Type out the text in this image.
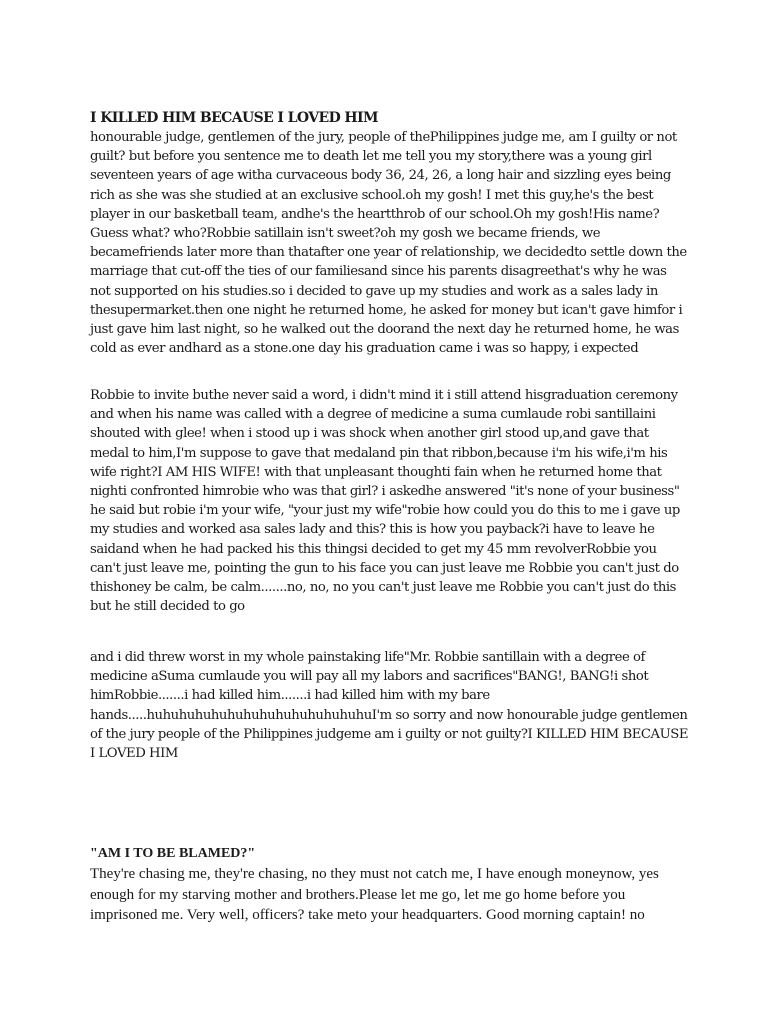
I KILLED HIM BECAUSE I LOVED HIM

honourable judge, gentlemen of the jury, people of thePhilippines judge me, am I guilty or not guilt? but before you sentence me to death let me tell you my story,there was a young girl seventeen years of age witha curvaceous body 36, 24, 26, a long hair and sizzling eyes being rich as she was she studied at an exclusive school.oh my gosh! I met this guy,he's the best player in our basketball team, andhe's the heartthrob of our school.Oh my gosh!His name? Guess what? who?Robbie satillain isn't sweet?oh my gosh we became friends, we becamefriends later more than thatafter one year of relationship, we decidedto settle down the marriage that cut-off the ties of our familiesand since his parents disagreethat's why he was not supported on his studies.so i decided to gave up my studies and work as a sales lady in thesupermarket.then one night he returned home, he asked for money but ican't gave himfor i just gave him last night, so he walked out the doorand the next day he returned home, he was cold as ever andhard as a stone.one day his graduation came i was so happy, i expected

Robbie to invite buthe never said a word, i didn't mind it i still attend hisgraduation ceremony and when his name was called with a degree of medicine a suma cumlaude robi santillaini shouted with glee! when i stood up i was shock when another girl stood up,and gave that medal to him,I'm suppose to gave that medaland pin that ribbon,because i'm his wife,i'm his wife right?I AM HIS WIFE! with that unpleasant thoughti fain when he returned home that nighti confronted himrobie who was that girl? i askedhe answered "it's none of your business" he said but robie i'm your wife, "your just my wife"robie how could you do this to me i gave up my studies and worked asa sales lady and this? this is how you payback?i have to leave he saidand when he had packed his this thingsi decided to get my 45 mm revolverRobbie you can't just leave me, pointing the gun to his face you can just leave me Robbie you can't just do thishoney be calm, be calm.......no, no, no you can't just leave me Robbie you can't just do this but he still decided to go

and i did threw worst in my whole painstaking life"Mr. Robbie santillain with a degree of medicine aSuma cumlaude you will pay all my labors and sacrifices"BANG!, BANG!i shot himRobbie.......i had killed him.......i had killed him with my bare hands.....huhuhuhuhuhuhuhuhuhuhuhuhuhuI'm so sorry and now honourable judge gentlemen of the jury people of the Philippines judgeme am i guilty or not guilty?I KILLED HIM BECAUSE I LOVED HIM

"AM I TO BE BLAMED?"

They're chasing me, they're chasing, no they must not catch me, I have enough moneynow, yes enough for my starving mother and brothers.Please let me go, let me go home before you imprisoned me. Very well, officers? take meto your headquarters. Good morning captain! no
